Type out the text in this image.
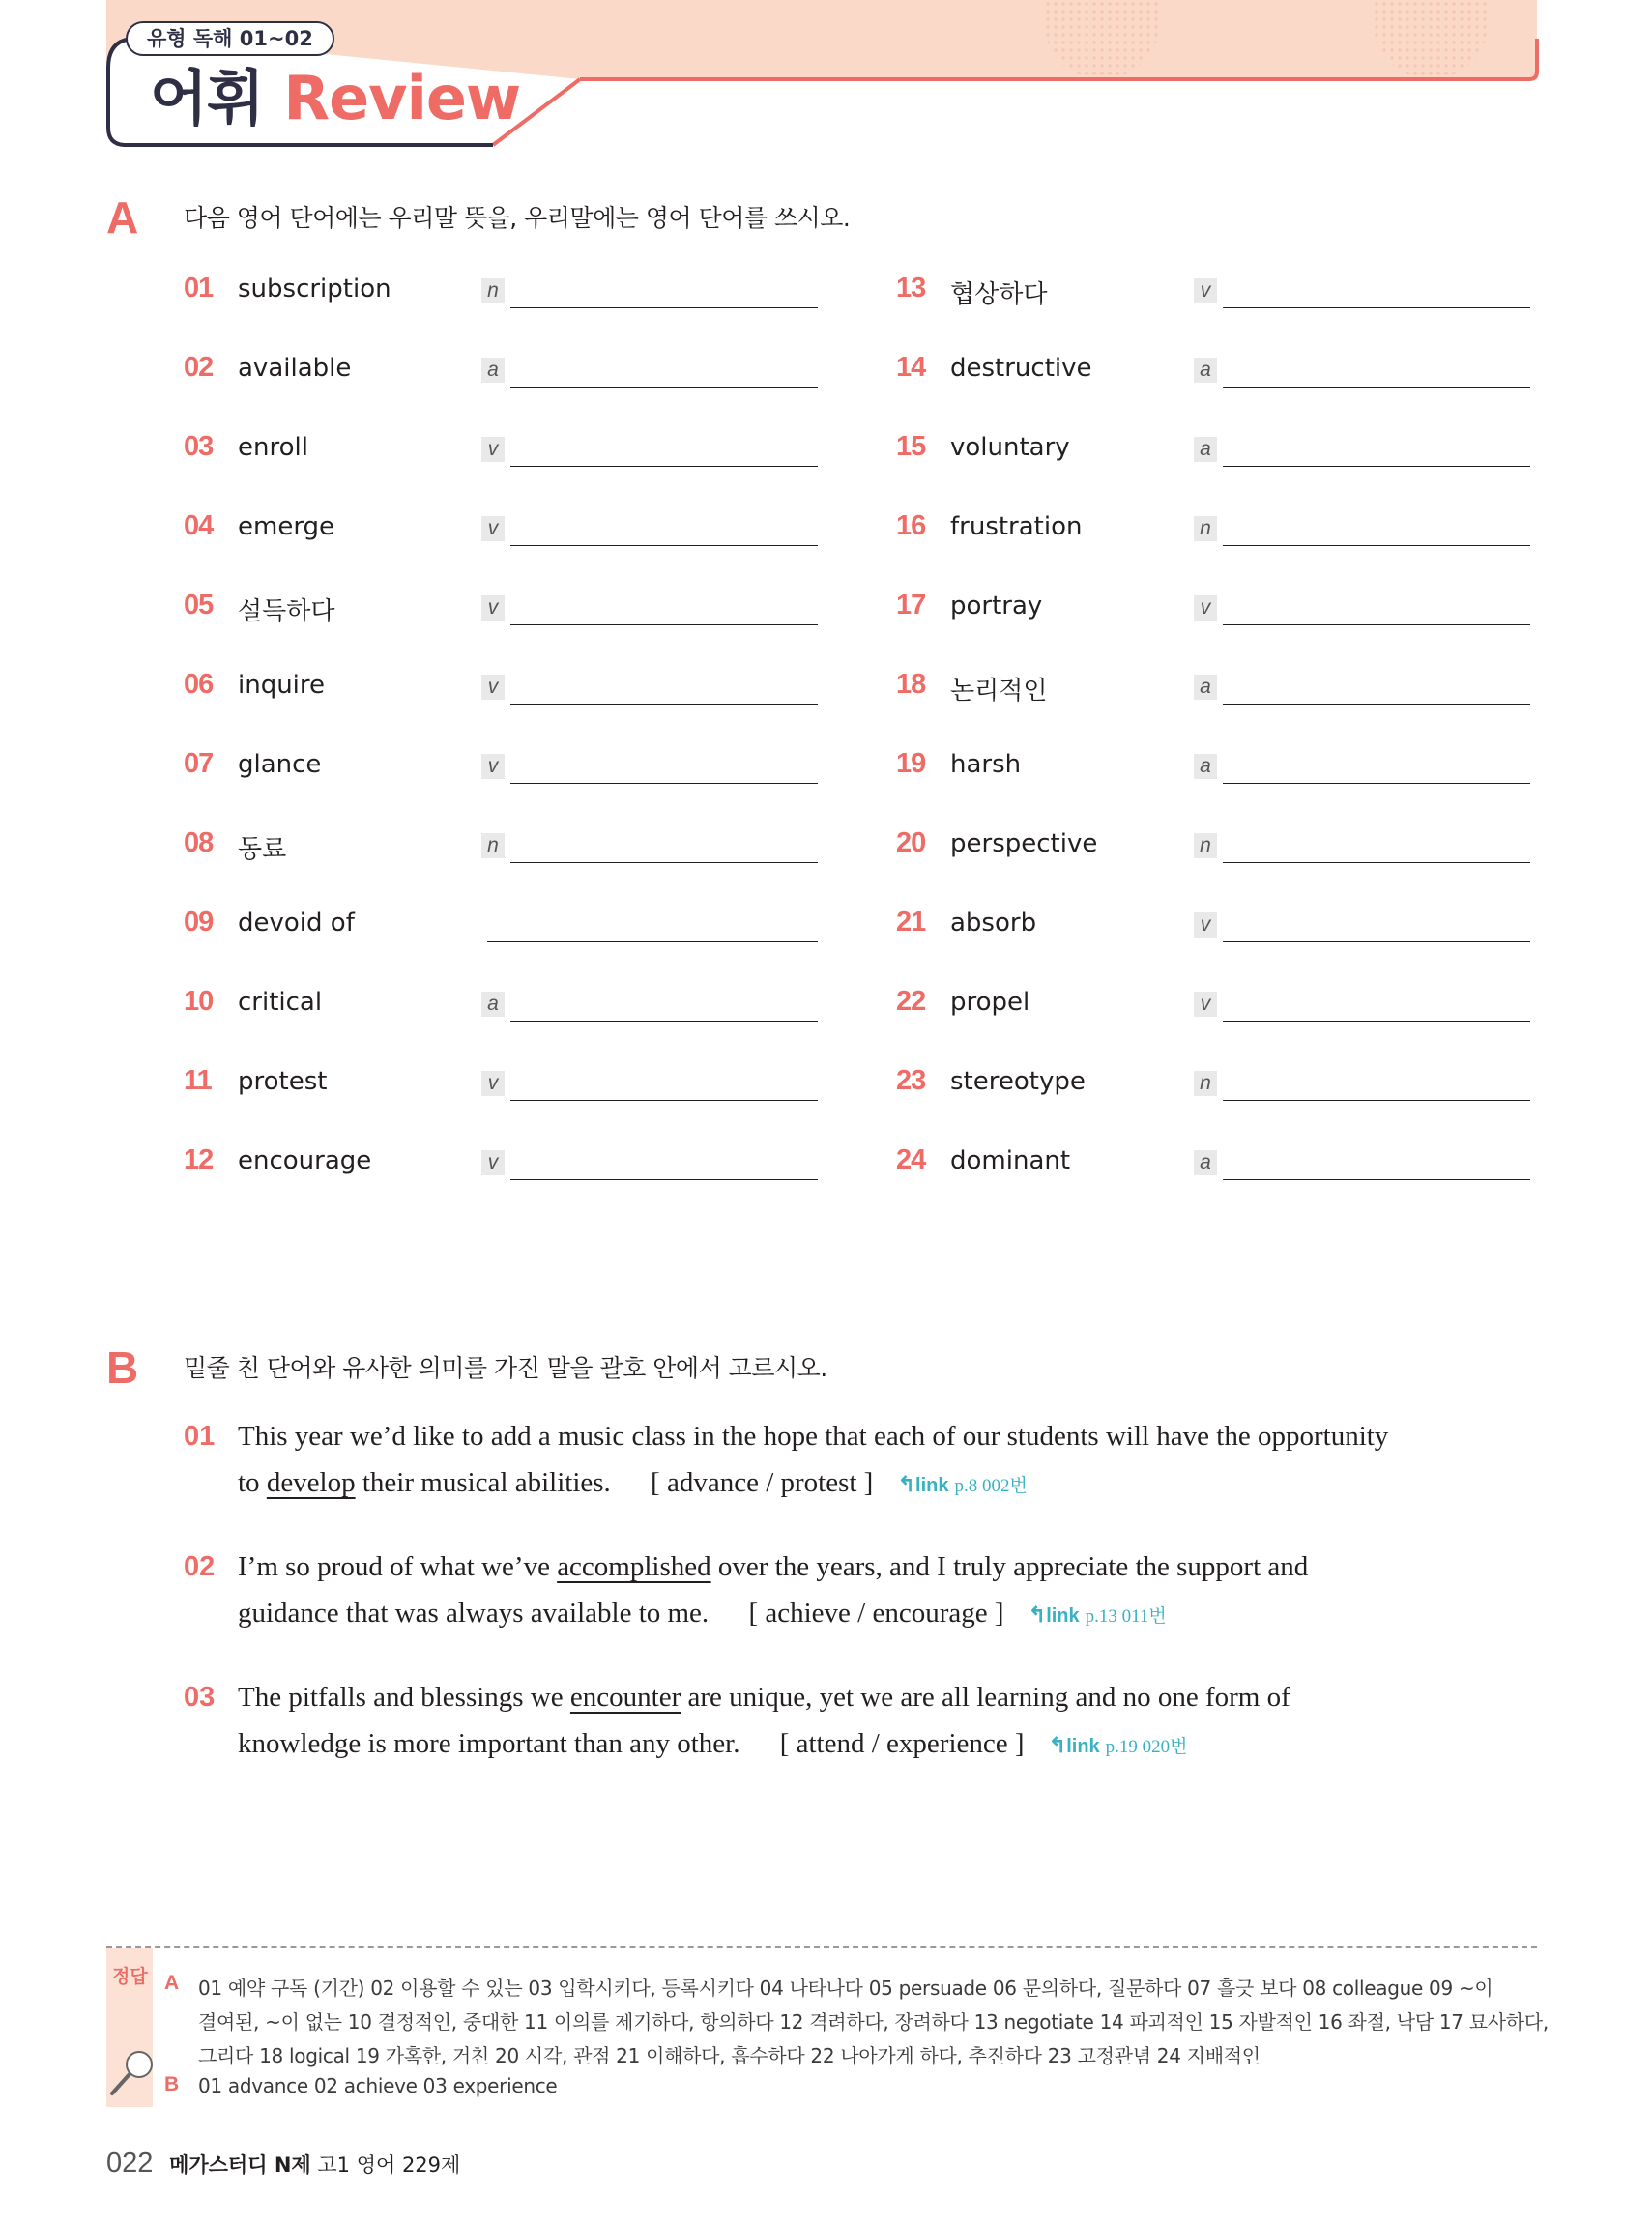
유형 독해 01~02
어휘 Review
A 다음 영어 단어에는 우리말 뜻을, 우리말에는 영어 단어를 쓰시오.
01 subscription	n
02 available	a
03 enroll	v
04 emerge	v
05 설득하다	v
06 inquire	v
07 glance	v
08 동료	n
09 devoid of
10 critical	a
11 protest	v
12 encourage	v
13 협상하다	v
14 destructive	a
15 voluntary	a
16 frustration	n
17 portray	v
18 논리적인	a
19 harsh	a
20 perspective	n
21 absorb	v
22 propel	v
23 stereotype	n
24 dominant	a
B 밑줄 친 단어와 유사한 의미를 가진 말을 괄호 안에서 고르시오.
01 This year we’d like to add a music class in the hope that each of our students will have the opportunity
to develop their musical abilities. [ advance / protest ] ↰link p.8 002번
02 I’m so proud of what we’ve accomplished over the years, and I truly appreciate the support and
guidance that was always available to me. [ achieve / encourage ] ↰link p.13 011번
03 The pitfalls and blessings we encounter are unique, yet we are all learning and no one form of
knowledge is more important than any other. [ attend / experience ] ↰link p.19 020번
정답 A 01 예약 구독 (기간) 02 이용할 수 있는 03 입학시키다, 등록시키다 04 나타나다 05 persuade 06 문의하다, 질문하다 07 흘긋 보다 08 colleague 09 ~이
결여된, ~이 없는 10 결정적인, 중대한 11 이의를 제기하다, 항의하다 12 격려하다, 장려하다 13 negotiate 14 파괴적인 15 자발적인 16 좌절, 낙담 17 묘사하다,
그리다 18 logical 19 가혹한, 거친 20 시각, 관점 21 이해하다, 흡수하다 22 나아가게 하다, 추진하다 23 고정관념 24 지배적인
B 01 advance 02 achieve 03 experience
022 메가스터디 N제 고1 영어 229제
